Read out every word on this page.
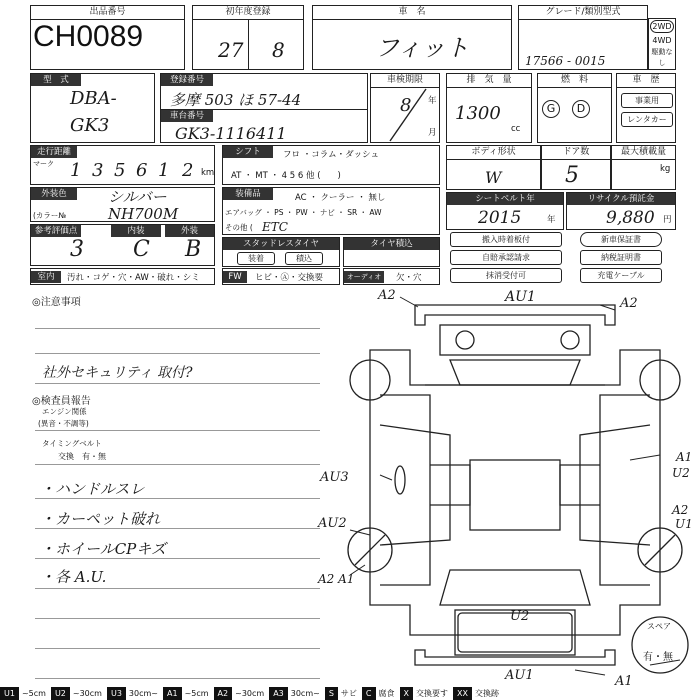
出品番号
CH0089
初年度登録
27 8
車　名
フィット
グレード/類別型式
17566 - 0015
2WD
4WD
駆動なし
型　式
DBA-
GK3
登録番号
車台番号
多摩 503 ほ 57-44
GK3-1116411
車検期限
年
月
8
排　気　量
cc
1300
燃　料
G	D
車　歴
事業用
レンタカー
走行距離
マーク
km
1 3 5 6 1 2
シフト	フロ ・コラム・ダッシュ
AT ・ MT ・ 4 5 6 他 (　　)
ボディ形状
W
ドア数
5
最大積載量
kg
外装色
(カラー№
シルバー
NH700M
装備品	AC ・ クーラー ・ 無し
エアバッグ ・ PS ・ PW ・ ナビ ・ SR ・ AW
その他 ( ETC
シートベルト年
年
2015
リサイクル預託金
円
9,880
参考評価点	内装	外装
3 C B	スタッドレスタイヤ
装着	積込
タイヤ積込	搬入時着板付	新車保証書
自賠承認請求	納税証明書
抹消受付可	充電ケーブル
室内	汚れ・コゲ・穴・AW・破れ・シミ	FW	ヒビ・Ⓐ・交換要	オーディオ	欠・穴
◎注意事項
社外セキュリティ 取付?
◎検査員報告
エンジン関係
(異音・不調等)
タイミングベルト
交換　有・無
・ハンドルスレ
・カーペット破れ
・ホイールCPキズ
・各 A.U.
A2	AU1	A2
AU3
A1
U2
AU2
A2
U1
A2 A1
U2
AU1	A1
スペア
有・無
U1 ~5cm	U2 ~30cm	U3 30cm~	A1 ~5cm	A2 ~30cm	A3 30cm~	S サビ	C 腐食	X 交換要す	XX 交換跡
